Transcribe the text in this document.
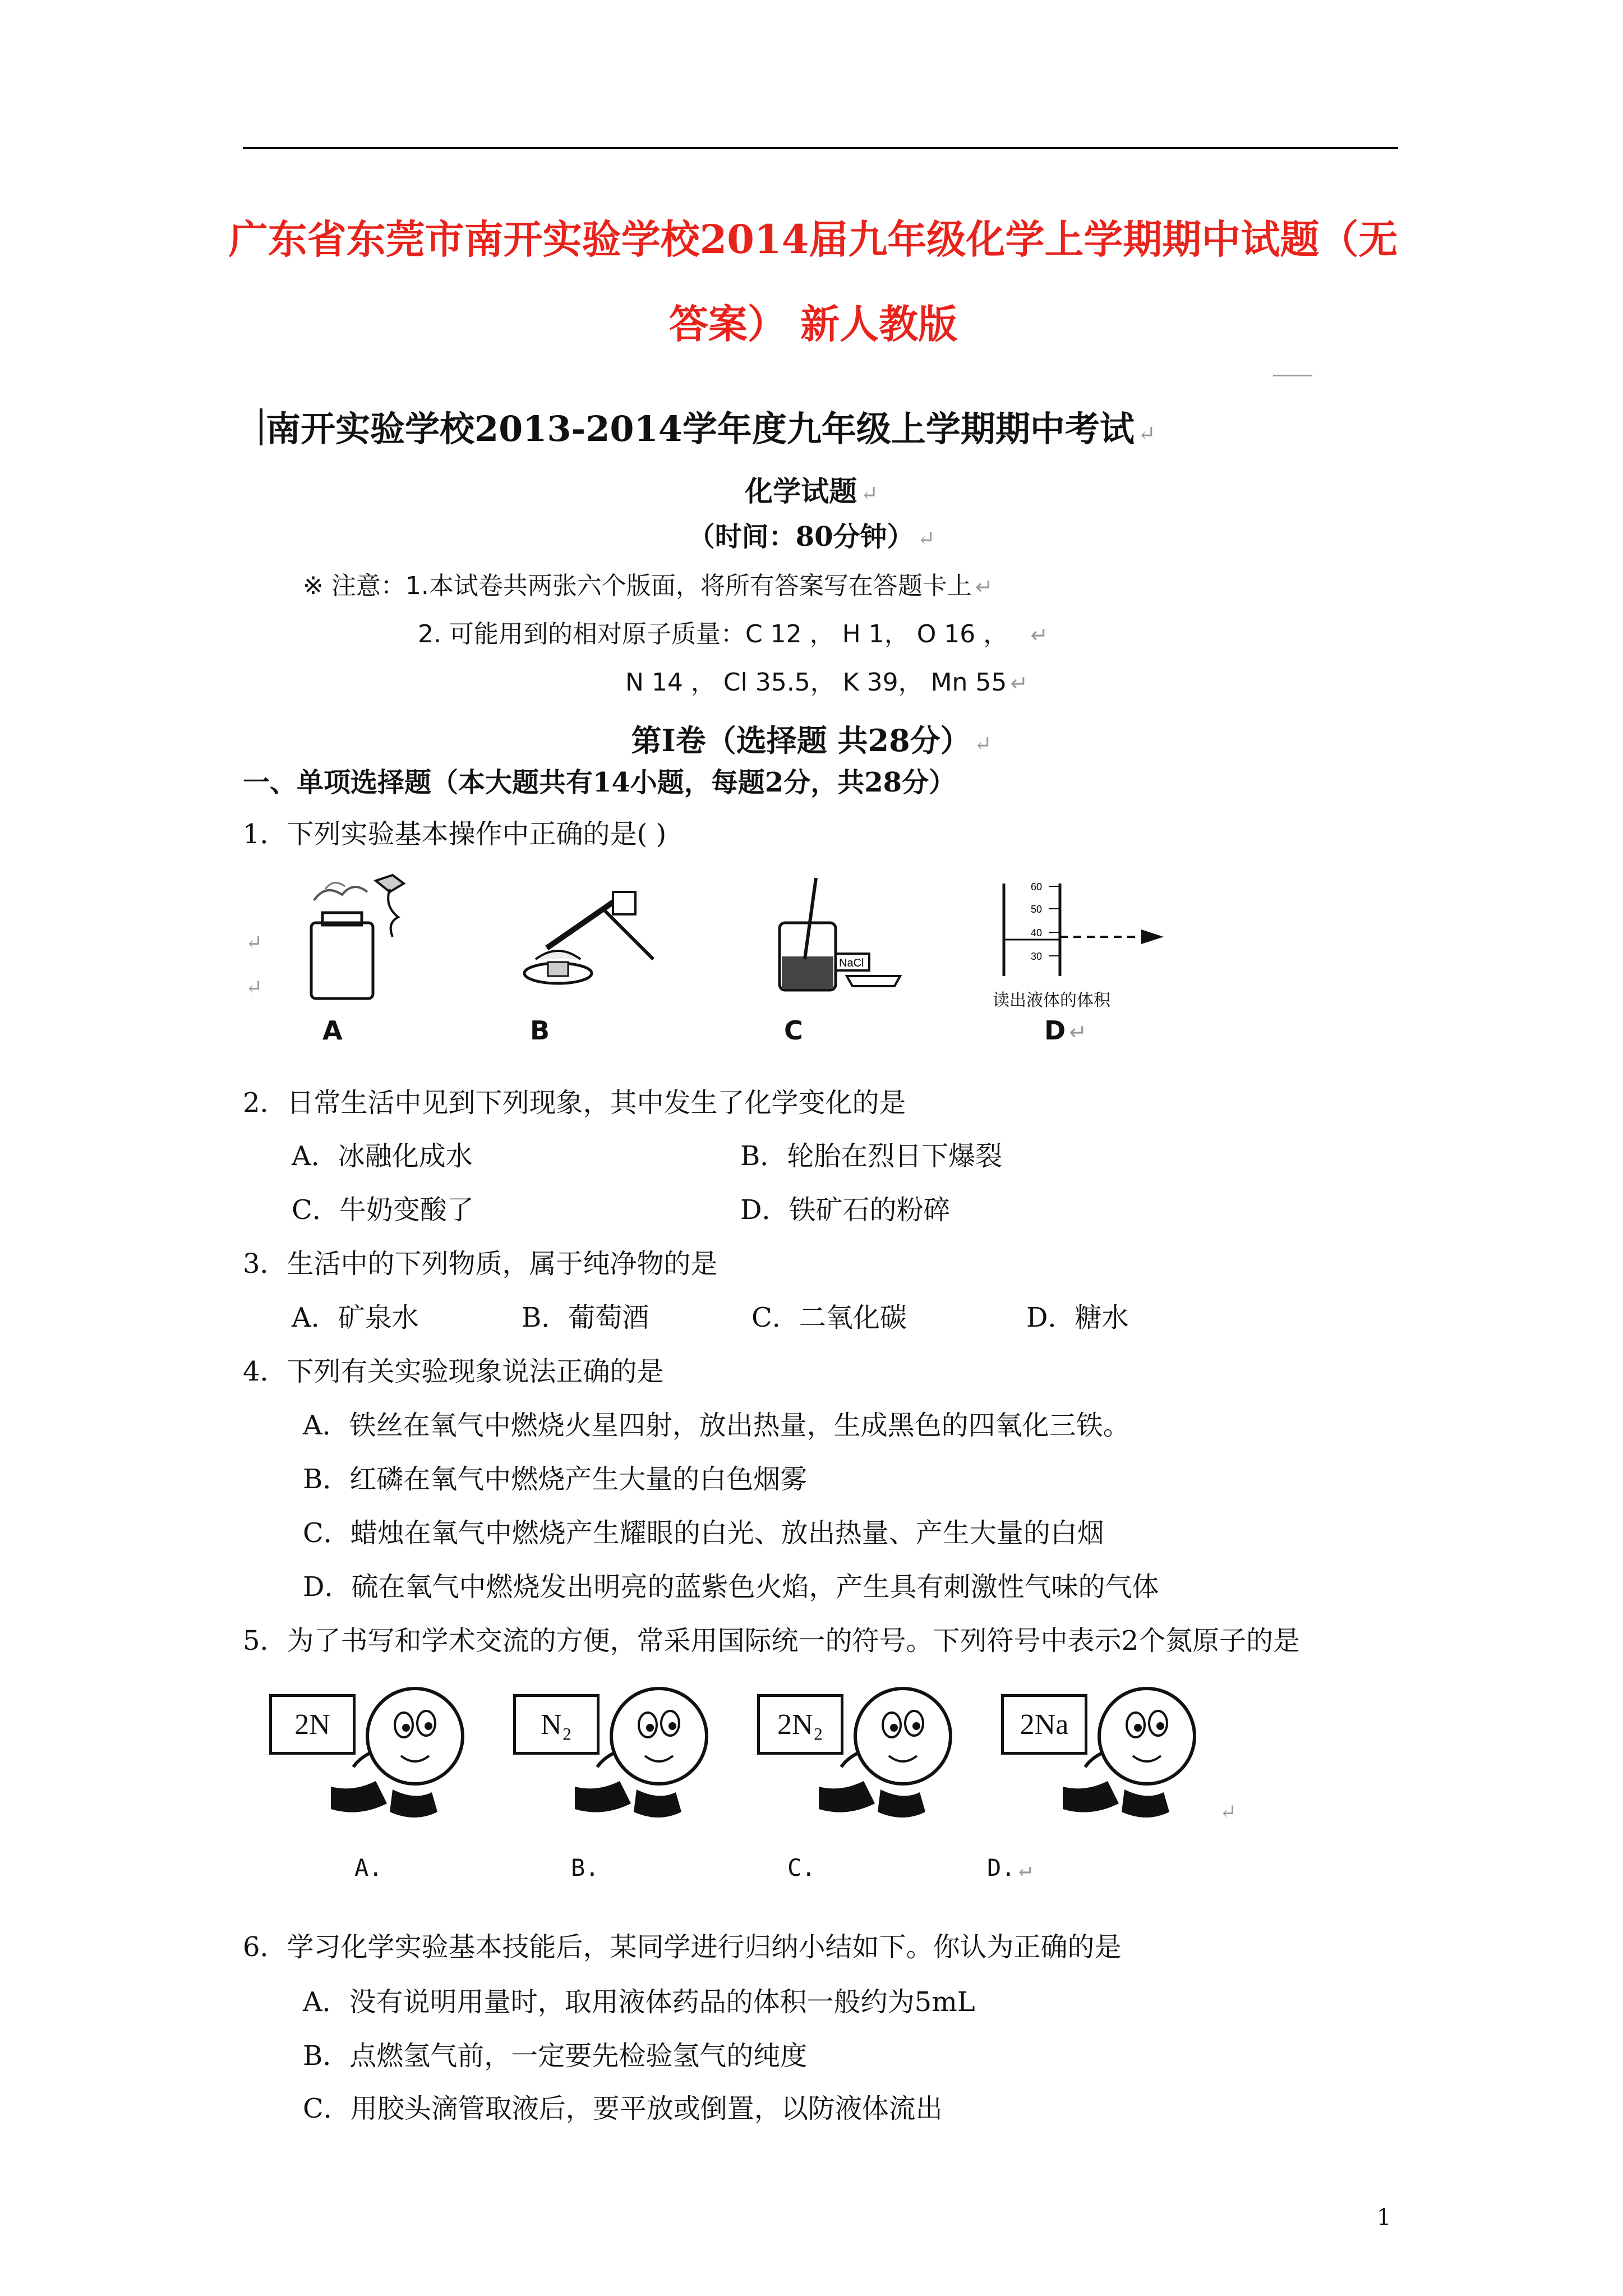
广东省东莞市南开实验学校2014届九年级化学上学期期中试题（无
答案） 新人教版
南开实验学校2013-2014学年度九年级上学期期中考试 ↵
化学试题 ↵
（时间：80分钟） ↵
※ 注意：1.本试卷共两张六个版面，将所有答案写在答题卡上 ↵
2. 可能用到的相对原子质量：C 12 ， H 1， O 16 ， ↵
N 14 ， Cl 35.5， K 39， Mn 55 ↵
第Ⅰ卷（选择题 共28分） ↵
一、单项选择题（本大题共有14小题，每题2分，共28分）
1．下列实验基本操作中正确的是( )
↵
↵
NaCl
60
50
40
30
读出液体的体积
A	B	C	D ↵
2．日常生活中见到下列现象，其中发生了化学变化的是
A．冰融化成水	B．轮胎在烈日下爆裂
C．牛奶变酸了	D．铁矿石的粉碎
3．生活中的下列物质，属于纯净物的是
A．矿泉水	B．葡萄酒	C．二氧化碳	D．糖水
4．下列有关实验现象说法正确的是
A．铁丝在氧气中燃烧火星四射，放出热量，生成黑色的四氧化三铁。
B．红磷在氧气中燃烧产生大量的白色烟雾
C．蜡烛在氧气中燃烧产生耀眼的白光、放出热量、产生大量的白烟
D．硫在氧气中燃烧发出明亮的蓝紫色火焰，产生具有刺激性气味的气体
5．为了书写和学术交流的方便，常采用国际统一的符号。下列符号中表示2个氮原子的是
2N	N₂	2N₂	2Na
↵
A.	B.	C.	D. ↵
6．学习化学实验基本技能后，某同学进行归纳小结如下。你认为正确的是
A．没有说明用量时，取用液体药品的体积一般约为5mL
B．点燃氢气前，一定要先检验氢气的纯度
C．用胶头滴管取液后，要平放或倒置，以防液体流出
1
